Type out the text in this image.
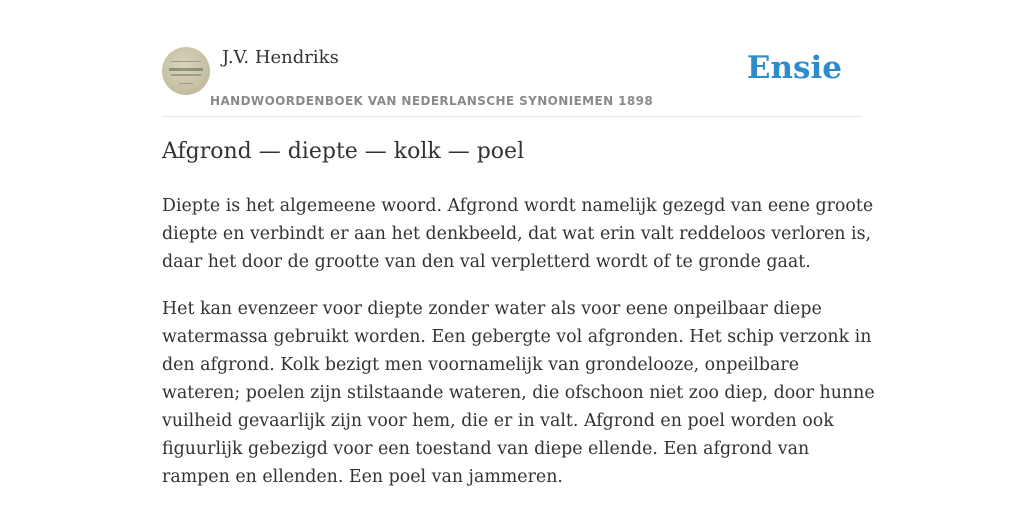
J.V. Hendriks
HANDWOORDENBOEK VAN NEDERLANSCHE SYNONIEMEN 1898
Ensie
Afgrond — diepte — kolk — poel

Diepte is het algemeene woord. Afgrond wordt namelijk gezegd van eene groote diepte en verbindt er aan het denkbeeld, dat wat erin valt reddeloos verloren is, daar het door de grootte van den val verpletterd wordt of te gronde gaat.

Het kan evenzeer voor diepte zonder water als voor eene onpeilbaar diepe watermassa gebruikt worden. Een gebergte vol afgronden. Het schip verzonk in den afgrond. Kolk bezigt men voornamelijk van grondelooze, onpeilbare wateren; poelen zijn stilstaande wateren, die ofschoon niet zoo diep, door hunne vuilheid gevaarlijk zijn voor hem, die er in valt. Afgrond en poel worden ook figuurlijk gebezigd voor een toestand van diepe ellende. Een afgrond van rampen en ellenden. Een poel van jammeren.
